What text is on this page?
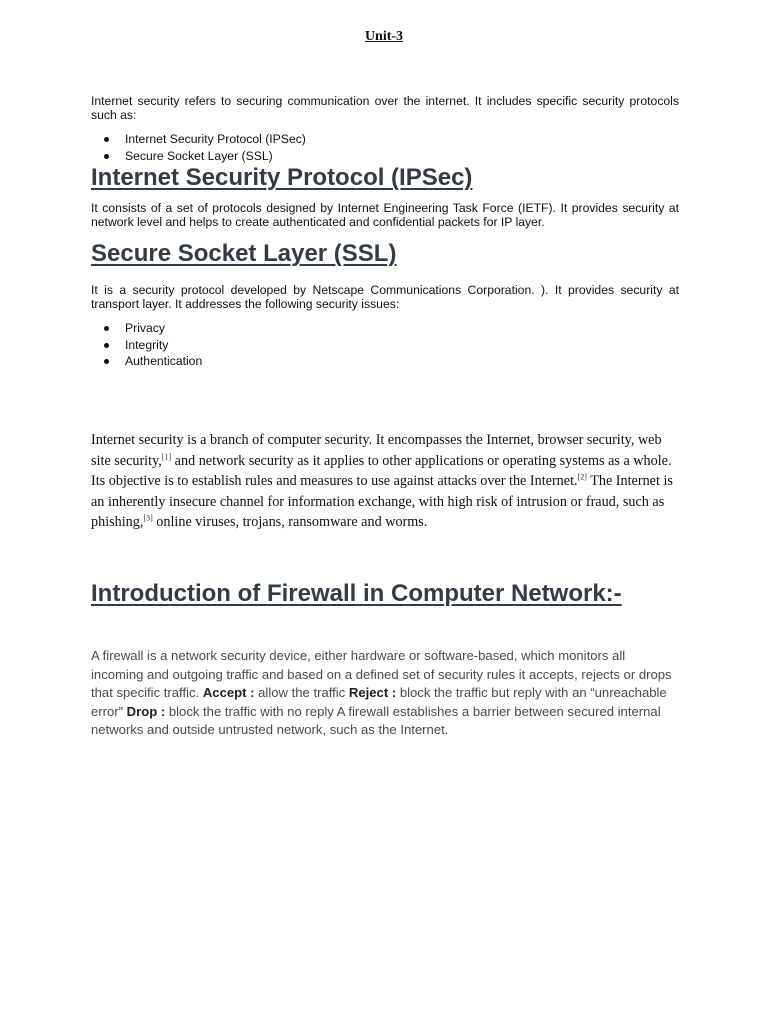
Unit-3

Internet security refers to securing communication over the internet. It includes specific security protocols such as:

Internet Security Protocol (IPSec)
Secure Socket Layer (SSL)
Internet Security Protocol (IPSec)

It consists of a set of protocols designed by Internet Engineering Task Force (IETF). It provides security at network level and helps to create authenticated and confidential packets for IP layer.

Secure Socket Layer (SSL)

It is a security protocol developed by Netscape Communications Corporation. ). It provides security at transport layer. It addresses the following security issues:

Privacy
Integrity
Authentication

Internet security is a branch of computer security. It encompasses the Internet, browser security, web site security,[1] and network security as it applies to other applications or operating systems as a whole. Its objective is to establish rules and measures to use against attacks over the Internet.[2] The Internet is an inherently insecure channel for information exchange, with high risk of intrusion or fraud, such as phishing,[3] online viruses, trojans, ransomware and worms.

Introduction of Firewall in Computer Network:-

A firewall is a network security device, either hardware or software-based, which monitors all incoming and outgoing traffic and based on a defined set of security rules it accepts, rejects or drops that specific traffic. Accept : allow the traffic Reject : block the traffic but reply with an “unreachable error” Drop : block the traffic with no reply A firewall establishes a barrier between secured internal networks and outside untrusted network, such as the Internet.
